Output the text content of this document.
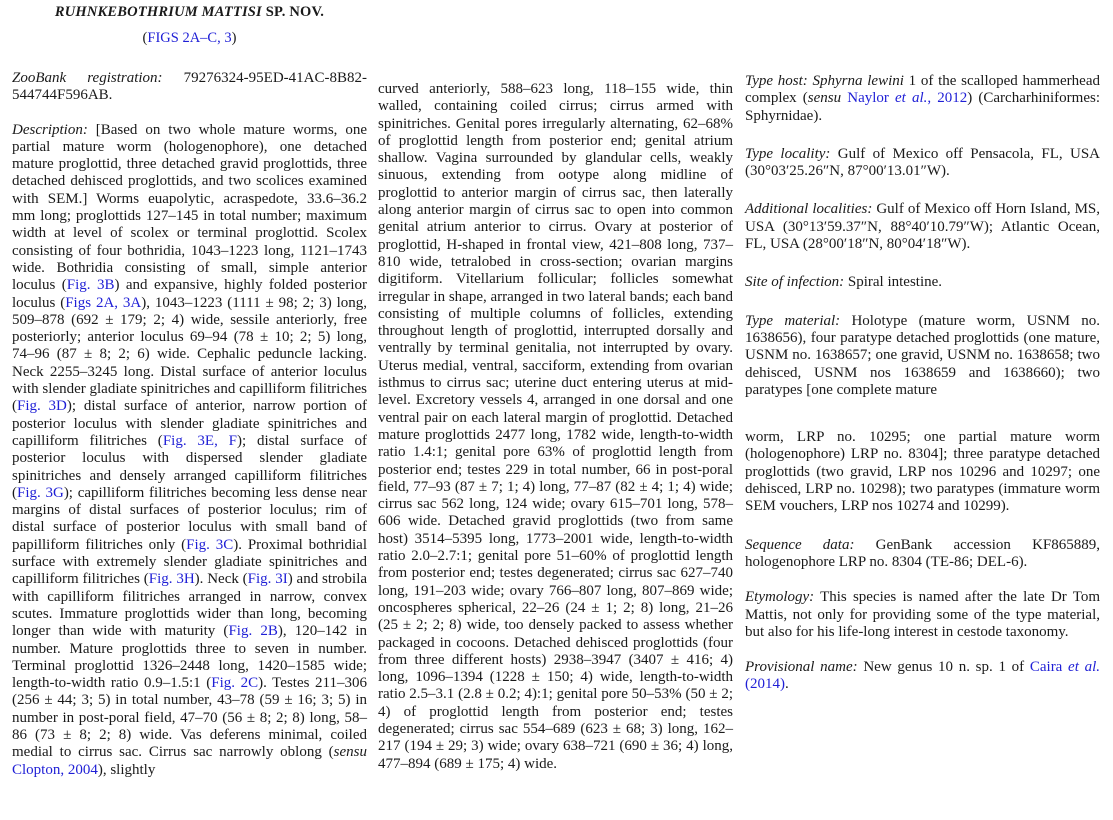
RUHNKEBOTHRIUM MATTISI SP. NOV.
(FIGS 2A–C, 3)

ZooBank registration: 79276324-95ED-41AC-8B82-544744F596AB.

Description: [Based on two whole mature worms, one partial mature worm (hologenophore), one detached mature proglottid, three detached gravid proglottids, three detached dehisced proglottids, and two scolices examined with SEM.] Worms euapolytic, acraspedote, 33.6–36.2 mm long; proglottids 127–145 in total number; maximum width at level of scolex or terminal proglottid. Scolex consisting of four bothridia, 1043–1223 long, 1121–1743 wide. Bothridia consisting of small, simple anterior loculus (Fig. 3B) and expansive, highly folded posterior loculus (Figs 2A, 3A), 1043–1223 (1111 ± 98; 2; 3) long, 509–878 (692 ± 179; 2; 4) wide, sessile anteriorly, free posteriorly; anterior loculus 69–94 (78 ± 10; 2; 5) long, 74–96 (87 ± 8; 2; 6) wide. Cephalic peduncle lacking. Neck 2255–3245 long. Distal surface of anterior loculus with slender gladiate spinitriches and capilliform filitriches (Fig. 3D); distal surface of anterior, narrow portion of posterior loculus with slender gladiate spinitriches and capilliform filitriches (Fig. 3E, F); distal surface of posterior loculus with dispersed slender gladiate spinitriches and densely arranged capilliform filitriches (Fig. 3G); capilliform filitriches becoming less dense near margins of distal surfaces of posterior loculus; rim of distal surface of posterior loculus with small band of papilliform filitriches only (Fig. 3C). Proximal bothridial surface with extremely slender gladiate spinitriches and capilliform filitriches (Fig. 3H). Neck (Fig. 3I) and strobila with capilliform filitriches arranged in narrow, convex scutes. Immature proglottids wider than long, becoming longer than wide with maturity (Fig. 2B), 120–142 in number. Mature proglottids three to seven in number. Terminal proglottid 1326–2448 long, 1420–1585 wide; length-to-width ratio 0.9–1.5:1 (Fig. 2C). Testes 211–306 (256 ± 44; 3; 5) in total number, 43–78 (59 ± 16; 3; 5) in number in post-poral field, 47–70 (56 ± 8; 2; 8) long, 58–86 (73 ± 8; 2; 8) wide. Vas deferens minimal, coiled medial to cirrus sac. Cirrus sac narrowly oblong (sensu Clopton, 2004), slightly

curved anteriorly, 588–623 long, 118–155 wide, thin walled, containing coiled cirrus; cirrus armed with spinitriches. Genital pores irregularly alternating, 62–68% of proglottid length from posterior end; genital atrium shallow. Vagina surrounded by glandular cells, weakly sinuous, extending from ootype along midline of proglottid to anterior margin of cirrus sac, then laterally along anterior margin of cirrus sac to open into common genital atrium anterior to cirrus. Ovary at posterior of proglottid, H-shaped in frontal view, 421–808 long, 737–810 wide, tetralobed in cross-section; ovarian margins digitiform. Vitellarium follicular; follicles somewhat irregular in shape, arranged in two lateral bands; each band consisting of multiple columns of follicles, extending throughout length of proglottid, interrupted dorsally and ventrally by terminal genitalia, not interrupted by ovary. Uterus medial, ventral, sacciform, extending from ovarian isthmus to cirrus sac; uterine duct entering uterus at mid-level. Excretory vessels 4, arranged in one dorsal and one ventral pair on each lateral margin of proglottid. Detached mature proglottids 2477 long, 1782 wide, length-to-width ratio 1.4:1; genital pore 63% of proglottid length from posterior end; testes 229 in total number, 66 in post-poral field, 77–93 (87 ± 7; 1; 4) long, 77–87 (82 ± 4; 1; 4) wide; cirrus sac 562 long, 124 wide; ovary 615–701 long, 578–606 wide. Detached gravid proglottids (two from same host) 3514–5395 long, 1773–2001 wide, length-to-width ratio 2.0–2.7:1; genital pore 51–60% of proglottid length from posterior end; testes degenerated; cirrus sac 627–740 long, 191–203 wide; ovary 766–807 long, 807–869 wide; oncospheres spherical, 22–26 (24 ± 1; 2; 8) long, 21–26 (25 ± 2; 2; 8) wide, too densely packed to assess whether packaged in cocoons. Detached dehisced proglottids (four from three different hosts) 2938–3947 (3407 ± 416; 4) long, 1096–1394 (1228 ± 150; 4) wide, length-to-width ratio 2.5–3.1 (2.8 ± 0.2; 4):1; genital pore 50–53% (50 ± 2; 4) of proglottid length from posterior end; testes degenerated; cirrus sac 554–689 (623 ± 68; 3) long, 162–217 (194 ± 29; 3) wide; ovary 638–721 (690 ± 36; 4) long, 477–894 (689 ± 175; 4) wide.

Type host: Sphyrna lewini 1 of the scalloped hammerhead complex (sensu Naylor et al., 2012) (Carcharhiniformes: Sphyrnidae).

Type locality: Gulf of Mexico off Pensacola, FL, USA (30°03′25.26″N, 87°00′13.01″W).

Additional localities: Gulf of Mexico off Horn Island, MS, USA (30°13′59.37″N, 88°40′10.79″W); Atlantic Ocean, FL, USA (28°00′18″N, 80°04′18″W).

Site of infection: Spiral intestine.

Type material: Holotype (mature worm, USNM no. 1638656), four paratype detached proglottids (one mature, USNM no. 1638657; one gravid, USNM no. 1638658; two dehisced, USNM nos 1638659 and 1638660); two paratypes [one complete mature

worm, LRP no. 10295; one partial mature worm (hologenophore) LRP no. 8304]; three paratype detached proglottids (two gravid, LRP nos 10296 and 10297; one dehisced, LRP no. 10298); two paratypes (immature worm SEM vouchers, LRP nos 10274 and 10299).

Sequence data: GenBank accession KF865889, hologenophore LRP no. 8304 (TE-86; DEL-6).

Etymology: This species is named after the late Dr Tom Mattis, not only for providing some of the type material, but also for his life-long interest in cestode taxonomy.

Provisional name: New genus 10 n. sp. 1 of Caira et al. (2014).
